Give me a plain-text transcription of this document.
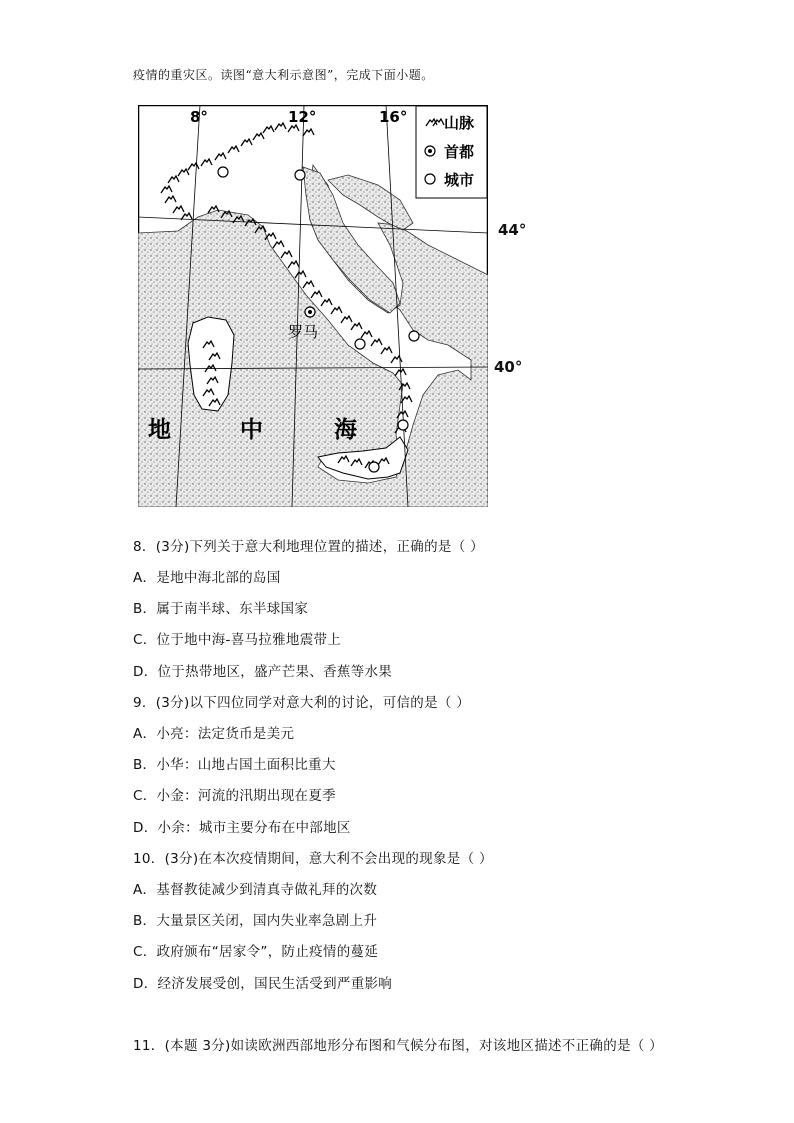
疫情的重灾区。读图“意大利示意图”，完成下面小题。
山脉
首都
城市
8°	12°	16°
罗马
地	中	海
44°
40°
8．(3分)下列关于意大利地理位置的描述，正确的是（ ）
A．是地中海北部的岛国
B．属于南半球、东半球国家
C．位于地中海-喜马拉雅地震带上
D．位于热带地区，盛产芒果、香蕉等水果
9．(3分)以下四位同学对意大利的讨论，可信的是（ ）
A．小亮：法定货币是美元
B．小华：山地占国土面积比重大
C．小金：河流的汛期出现在夏季
D．小余：城市主要分布在中部地区
10．(3分)在本次疫情期间，意大利不会出现的现象是（ ）
A．基督教徒减少到清真寺做礼拜的次数
B．大量景区关闭，国内失业率急剧上升
C．政府颁布“居家令”，防止疫情的蔓延
D．经济发展受创，国民生活受到严重影响
11．(本题 3分)如读欧洲西部地形分布图和气候分布图，对该地区描述不正确的是（ ）
